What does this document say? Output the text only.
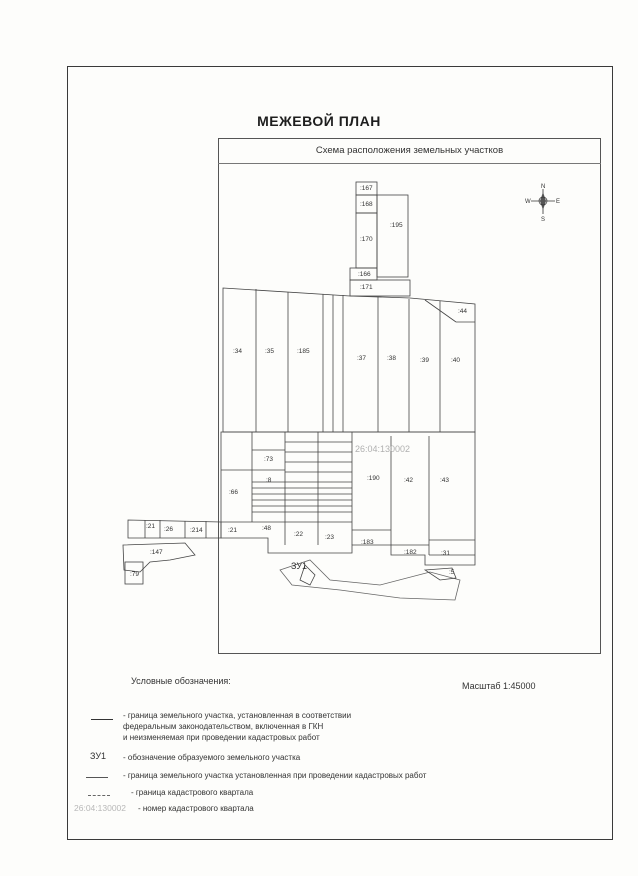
МЕЖЕВОЙ ПЛАН
Схема расположения земельных участков
26:04:130002
:167
:168
:170
:195
:166
:171
:44
:34	:35	:185
:37	:38	:39	:40
:73
:8
:66
:190	:42	:43
:21 :26	:214	:21	:48
:22	:23
:183
:182	:31
:5
:147
:79
ЗУ1
N
S
W	E
Условные обозначения:	Масштаб 1:45000
- граница земельного участка, установленная в соответствии
федеральным законодательством, включенная в ГКН
и неизменяемая при проведении кадастровых работ
ЗУ1 - обозначение образуемого земельного участка
- граница земельного участка установленная при проведении кадастровых работ
- граница кадастрового квартала
26:04:130002 - номер кадастрового квартала
